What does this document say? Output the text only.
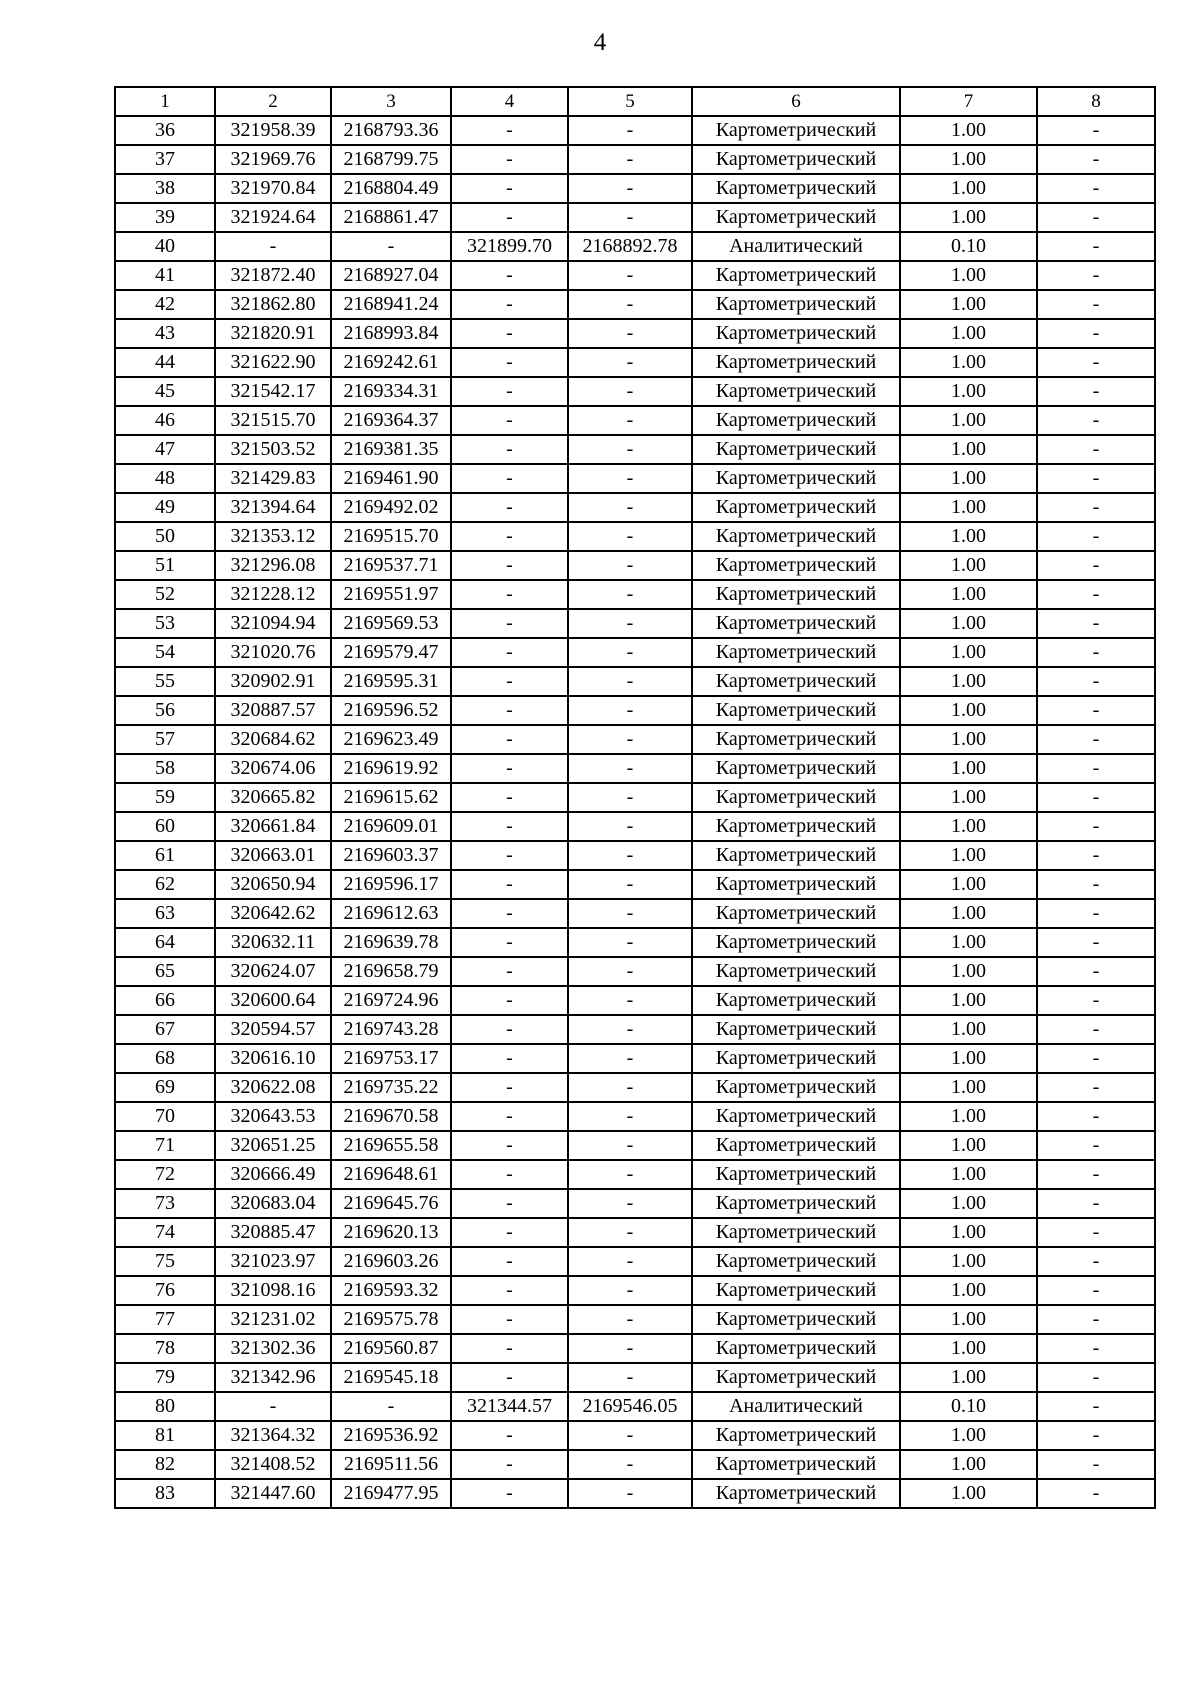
4
1	2	3	4	5	6	7	8
36	321958.39	2168793.36	-	-	Картометрический	1.00	-
37	321969.76	2168799.75	-	-	Картометрический	1.00	-
38	321970.84	2168804.49	-	-	Картометрический	1.00	-
39	321924.64	2168861.47	-	-	Картометрический	1.00	-
40	-	-	321899.70	2168892.78	Аналитический	0.10	-
41	321872.40	2168927.04	-	-	Картометрический	1.00	-
42	321862.80	2168941.24	-	-	Картометрический	1.00	-
43	321820.91	2168993.84	-	-	Картометрический	1.00	-
44	321622.90	2169242.61	-	-	Картометрический	1.00	-
45	321542.17	2169334.31	-	-	Картометрический	1.00	-
46	321515.70	2169364.37	-	-	Картометрический	1.00	-
47	321503.52	2169381.35	-	-	Картометрический	1.00	-
48	321429.83	2169461.90	-	-	Картометрический	1.00	-
49	321394.64	2169492.02	-	-	Картометрический	1.00	-
50	321353.12	2169515.70	-	-	Картометрический	1.00	-
51	321296.08	2169537.71	-	-	Картометрический	1.00	-
52	321228.12	2169551.97	-	-	Картометрический	1.00	-
53	321094.94	2169569.53	-	-	Картометрический	1.00	-
54	321020.76	2169579.47	-	-	Картометрический	1.00	-
55	320902.91	2169595.31	-	-	Картометрический	1.00	-
56	320887.57	2169596.52	-	-	Картометрический	1.00	-
57	320684.62	2169623.49	-	-	Картометрический	1.00	-
58	320674.06	2169619.92	-	-	Картометрический	1.00	-
59	320665.82	2169615.62	-	-	Картометрический	1.00	-
60	320661.84	2169609.01	-	-	Картометрический	1.00	-
61	320663.01	2169603.37	-	-	Картометрический	1.00	-
62	320650.94	2169596.17	-	-	Картометрический	1.00	-
63	320642.62	2169612.63	-	-	Картометрический	1.00	-
64	320632.11	2169639.78	-	-	Картометрический	1.00	-
65	320624.07	2169658.79	-	-	Картометрический	1.00	-
66	320600.64	2169724.96	-	-	Картометрический	1.00	-
67	320594.57	2169743.28	-	-	Картометрический	1.00	-
68	320616.10	2169753.17	-	-	Картометрический	1.00	-
69	320622.08	2169735.22	-	-	Картометрический	1.00	-
70	320643.53	2169670.58	-	-	Картометрический	1.00	-
71	320651.25	2169655.58	-	-	Картометрический	1.00	-
72	320666.49	2169648.61	-	-	Картометрический	1.00	-
73	320683.04	2169645.76	-	-	Картометрический	1.00	-
74	320885.47	2169620.13	-	-	Картометрический	1.00	-
75	321023.97	2169603.26	-	-	Картометрический	1.00	-
76	321098.16	2169593.32	-	-	Картометрический	1.00	-
77	321231.02	2169575.78	-	-	Картометрический	1.00	-
78	321302.36	2169560.87	-	-	Картометрический	1.00	-
79	321342.96	2169545.18	-	-	Картометрический	1.00	-
80	-	-	321344.57	2169546.05	Аналитический	0.10	-
81	321364.32	2169536.92	-	-	Картометрический	1.00	-
82	321408.52	2169511.56	-	-	Картометрический	1.00	-
83	321447.60	2169477.95	-	-	Картометрический	1.00	-
